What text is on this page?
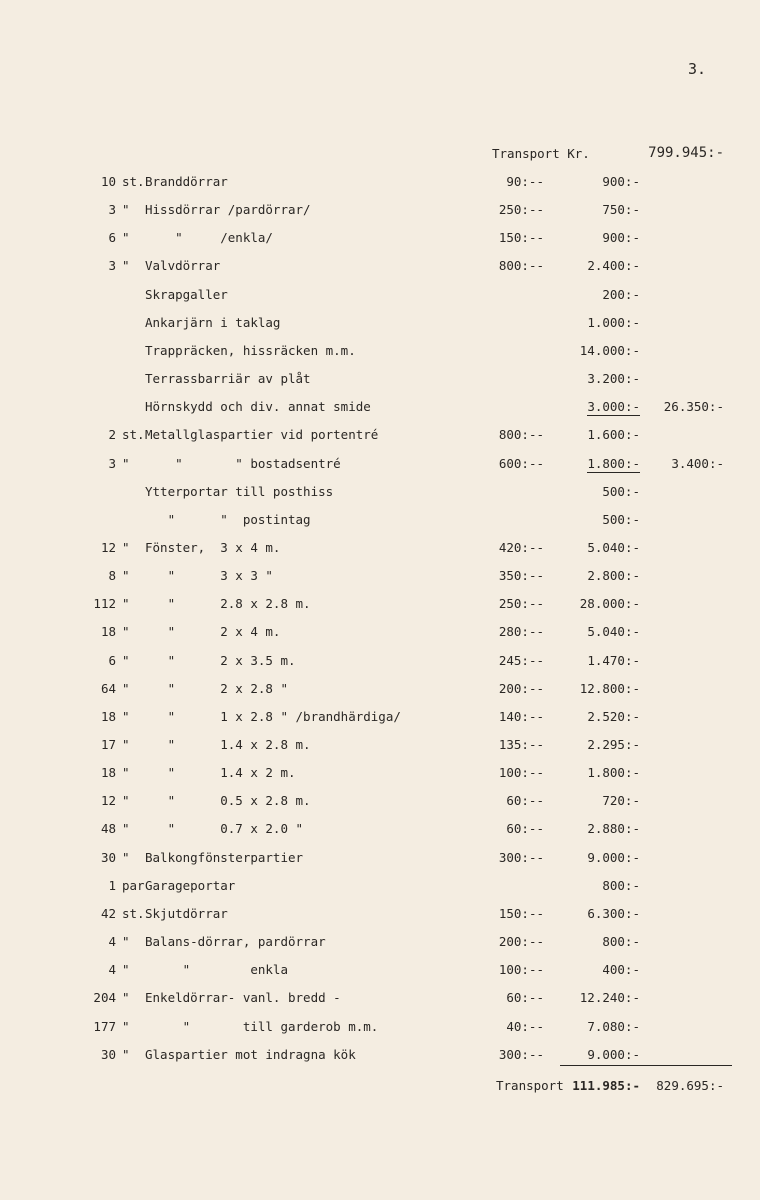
3.
Transport Kr.	799.945:-
10 st. Branddörrar	90:--	900:-
3 " Hissdörrar /pardörrar/	250:--	750:-
6 " "     /enkla/	150:--	900:-
3 " Valvdörrar	800:--	2.400:-
Skrapgaller	200:-
Ankarjärn i taklag	1.000:-
Trappräcken, hissräcken m.m.	14.000:-
Terrassbarriär av plåt	3.200:-
Hörnskydd och div. annat smide	3.000:- 26.350:-
2 st. Metallglaspartier vid portentré	800:--	1.600:-
3 " "       " bostadsentré	600:--	1.800:-	3.400:-
Ytterportar till posthiss	500:-
"      "  postintag	500:-
12 " Fönster,  3 x 4 m.	420:--	5.040:-
8 " "      3 x 3 "	350:--	2.800:-
112 " "      2.8 x 2.8 m.	250:--	28.000:-
18 " "      2 x 4 m.	280:--	5.040:-
6 " "      2 x 3.5 m.	245:--	1.470:-
64 " "      2 x 2.8 "	200:--	12.800:-
18 " "      1 x 2.8 " /brandhärdiga/	140:--	2.520:-
17 " "      1.4 x 2.8 m.	135:--	2.295:-
18 " "      1.4 x 2 m.	100:--	1.800:-
12 " "      0.5 x 2.8 m.	60:--	720:-
48 " "      0.7 x 2.0 "	60:--	2.880:-
30 " Balkongfönsterpartier	300:--	9.000:-
1 par Garageportar	800:-
42 st. Skjutdörrar	150:--	6.300:-
4 " Balans-dörrar, pardörrar	200:--	800:-
4 " "        enkla	100:--	400:-
204 " Enkeldörrar- vanl. bredd -	60:--	12.240:-
177 " "       till garderob m.m.	40:--	7.080:-
30 " Glaspartier mot indragna kök	300:--	9.000:-
Transport 111.985:- 829.695:-
